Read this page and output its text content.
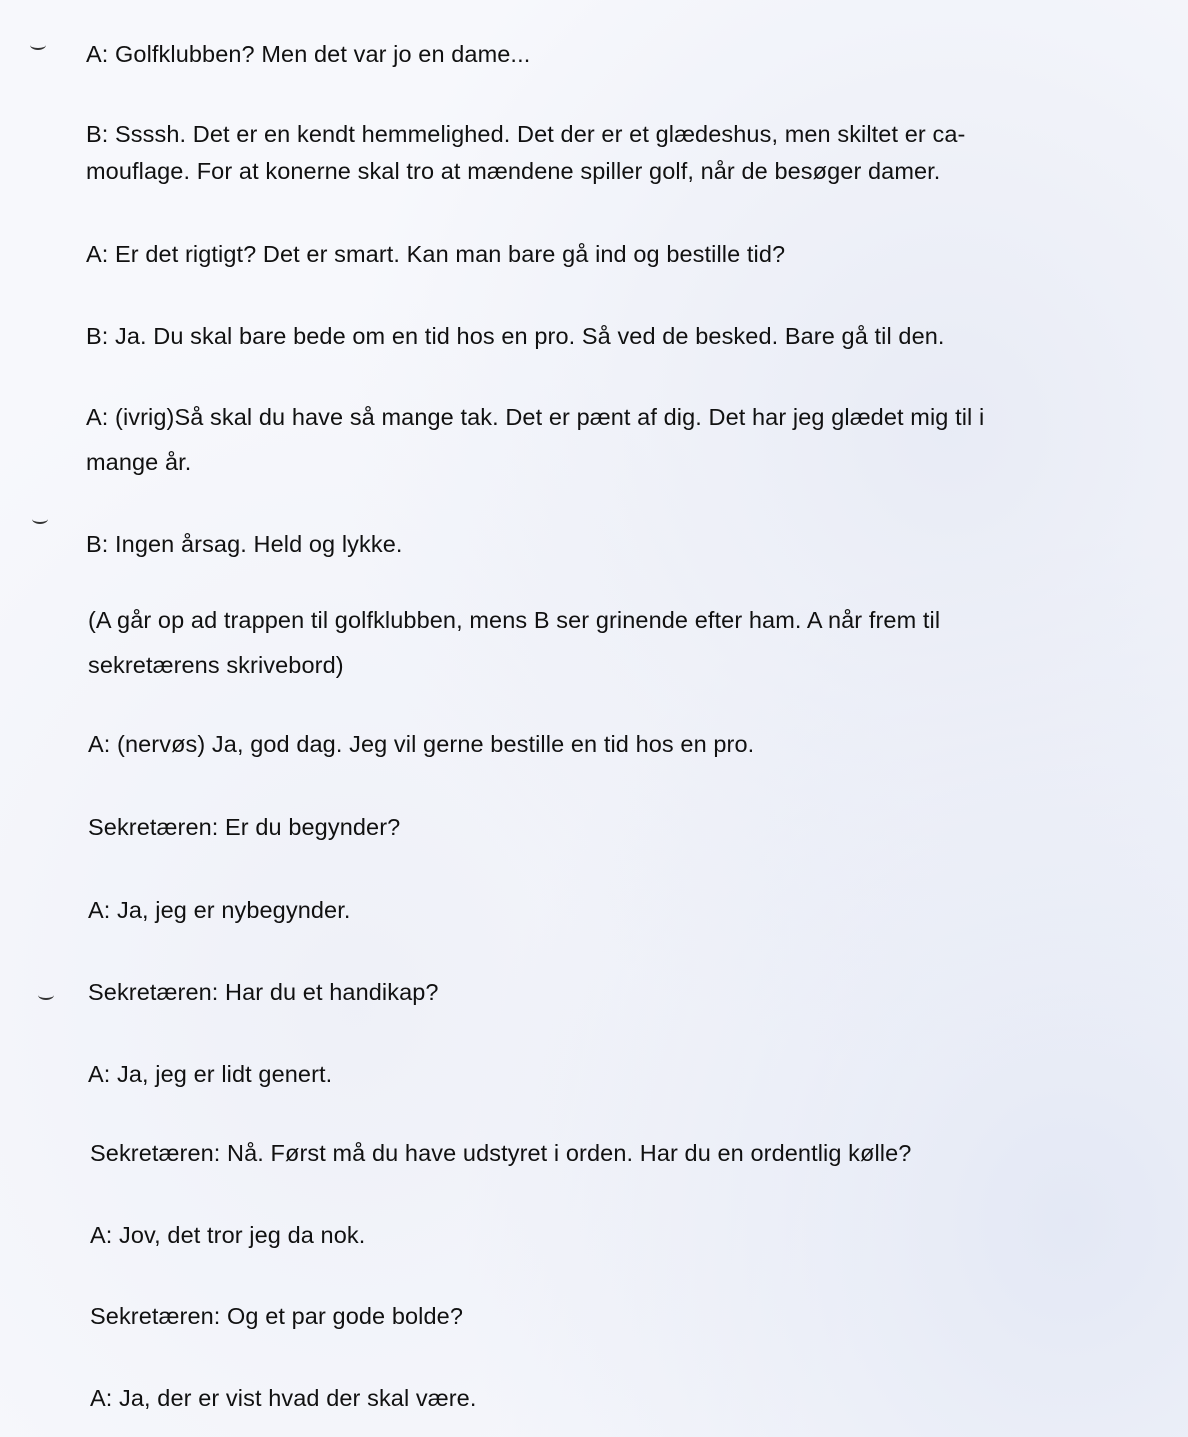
A: Golfklubben? Men det var jo en dame...

B: Ssssh. Det er en kendt hemmelighed. Det der er et glædeshus, men skiltet er ca-

mouflage. For at konerne skal tro at mændene spiller golf, når de besøger damer.

A: Er det rigtigt? Det er smart. Kan man bare gå ind og bestille tid?

B: Ja. Du skal bare bede om en tid hos en pro. Så ved de besked. Bare gå til den.

A: (ivrig)Så skal du have så mange tak. Det er pænt af dig. Det har jeg glædet mig til i

mange år.

B: Ingen årsag. Held og lykke.

(A går op ad trappen til golfklubben, mens B ser grinende efter ham. A når frem til

sekretærens skrivebord)

A: (nervøs) Ja, god dag. Jeg vil gerne bestille en tid hos en pro.

Sekretæren: Er du begynder?

A: Ja, jeg er nybegynder.

Sekretæren: Har du et handikap?

A: Ja, jeg er lidt genert.

Sekretæren: Nå. Først må du have udstyret i orden. Har du en ordentlig kølle?

A: Jov, det tror jeg da nok.

Sekretæren: Og et par gode bolde?

A: Ja, der er vist hvad der skal være.
